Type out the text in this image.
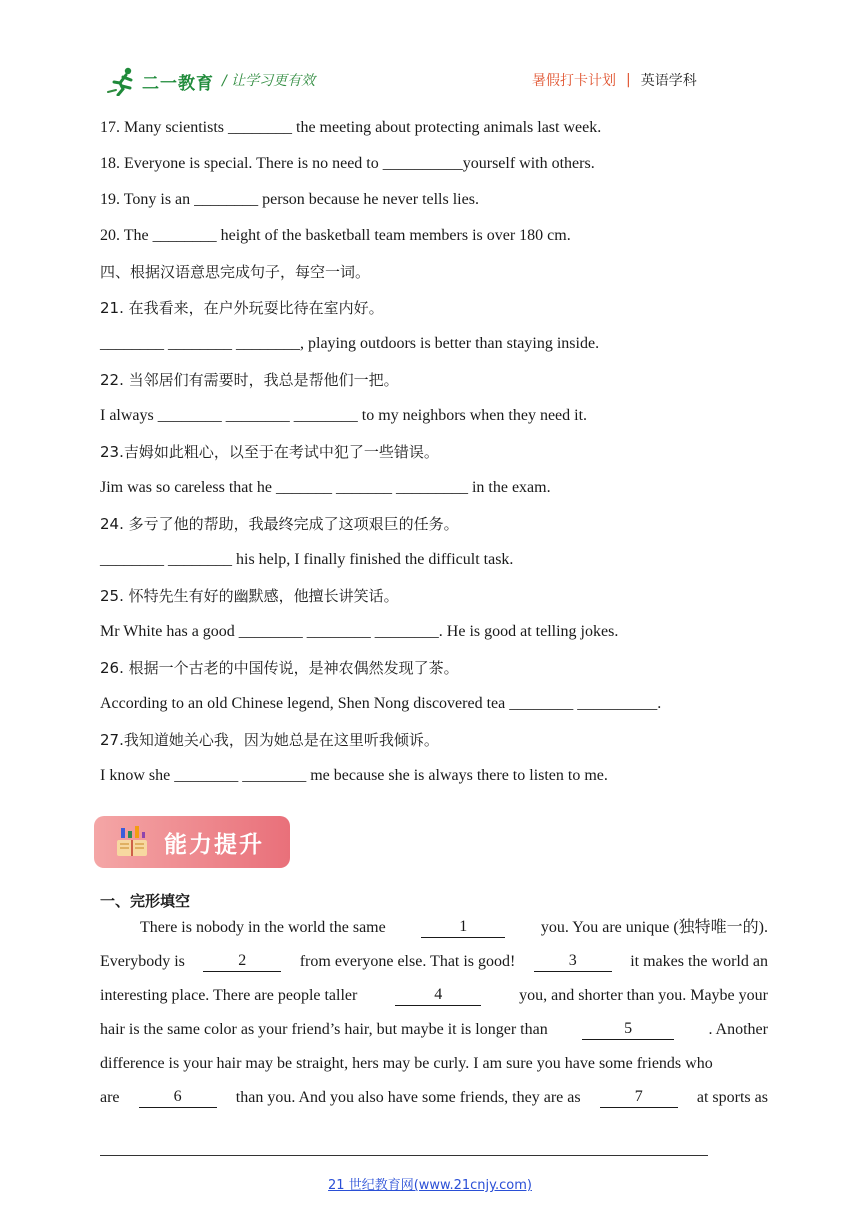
二一教育 / 让学习更有效	暑假打卡计划 | 英语学科
17. Many scientists ________ the meeting about protecting animals last week.
18. Everyone is special. There is no need to __________yourself with others.
19. Tony is an ________ person because he never tells lies.
20. The ________ height of the basketball team members is over 180 cm.
四、根据汉语意思完成句子，每空一词。
21. 在我看来，在户外玩耍比待在室内好。
________ ________ ________, playing outdoors is better than staying inside.
22. 当邻居们有需要时，我总是帮他们一把。
I always ________ ________ ________ to my neighbors when they need it.
23.吉姆如此粗心，以至于在考试中犯了一些错误。
Jim was so careless that he _______ _______ _________ in the exam.
24. 多亏了他的帮助，我最终完成了这项艰巨的任务。
________ ________ his help, I finally finished the difficult task.
25. 怀特先生有好的幽默感，他擅长讲笑话。
Mr White has a good ________ ________ ________. He is good at telling jokes.
26. 根据一个古老的中国传说，是神农偶然发现了茶。
According to an old Chinese legend, Shen Nong discovered tea ________ __________.
27.我知道她关心我，因为她总是在这里听我倾诉。
I know she ________ ________ me because she is always there to listen to me.
能力提升
一、完形填空
There is nobody in the world the same	1	you. You are unique (独特唯一的).
Everybody is	2	from everyone else. That is good!	3	it makes the world an
interesting place. There are people taller	4	you, and shorter than you. Maybe your
hair is the same color as your friend’s hair, but maybe it is longer than	5	. Another
difference is your hair may be straight, hers may be curly. I am sure you have some friends who
are	6	than you. And you also have some friends, they are as	7	at sports as
21 世纪教育网(www.21cnjy.com)
